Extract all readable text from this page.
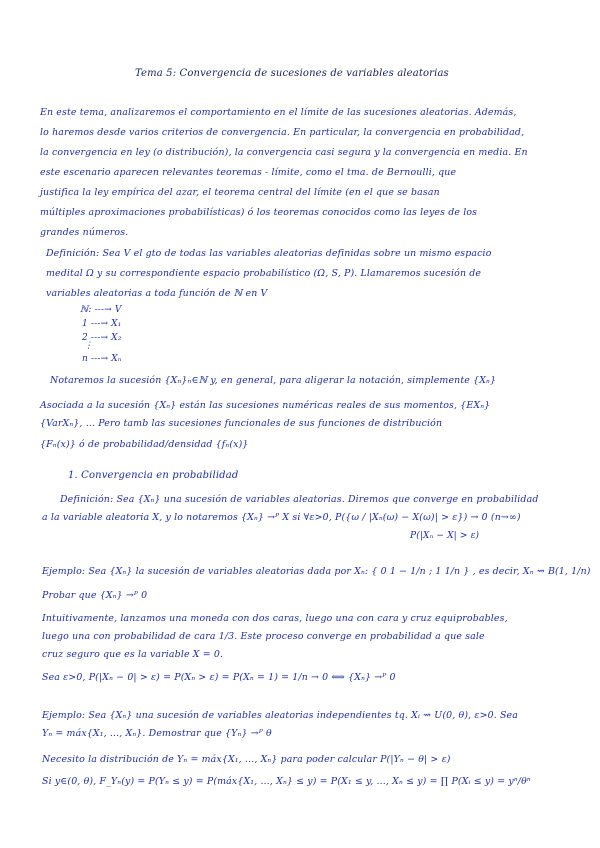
Tema 5: Convergencia de sucesiones de variables aleatorias
En este tema, analizaremos el comportamiento en el límite de las sucesiones aleatorias. Además,
lo haremos desde varios criterios de convergencia. En particular, la convergencia en probabilidad,
la convergencia en ley (o distribución), la convergencia casi segura y la convergencia en media. En
este escenario aparecen relevantes teoremas - límite, como el tma. de Bernoulli, que
justifica la ley empírica del azar, el teorema central del límite (en el que se basan
múltiples aproximaciones probabilísticas) ó los teoremas conocidos como las leyes de los
grandes números.
Definición: Sea V el gto de todas las variables aleatorias definidas sobre un mismo espacio
medital Ω y su correspondiente espacio probabilístico (Ω, S, P). Llamaremos sucesión de
variables aleatorias a toda función de ℕ en V
ℕ: ---→ V
1 ---→ X₁
2 ---→ X₂
⋮
n ---→ Xₙ
Notaremos la sucesión {Xₙ}ₙ∈ℕ y, en general, para aligerar la notación, simplemente {Xₙ}
Asociada a la sucesión {Xₙ} están las sucesiones numéricas reales de sus momentos, {EXₙ}
{VarXₙ}, ... Pero tamb las sucesiones funcionales de sus funciones de distribución
{Fₙ(x)} ó de probabilidad/densidad {fₙ(x)}
1. Convergencia en probabilidad
Definición: Sea {Xₙ} una sucesión de variables aleatorias. Diremos que converge en probabilidad
a la variable aleatoria X, y lo notaremos {Xₙ} →ᴾ X si ∀ε>0, P({ω / |Xₙ(ω) − X(ω)| > ε}) → 0 (n→∞)
P(|Xₙ − X| > ε)
Ejemplo: Sea {Xₙ} la sucesión de variables aleatorias dada por Xₙ: { 0 1 − 1/n ; 1 1/n } , es decir, Xₙ ⇝ B(1, 1/n)
Probar que {Xₙ} →ᴾ 0
Intuitivamente, lanzamos una moneda con dos caras, luego una con cara y cruz equiprobables,
luego una con probabilidad de cara 1/3. Este proceso converge en probabilidad a que sale
cruz seguro que es la variable X = 0.
Sea ε>0, P(|Xₙ − 0| > ε) = P(Xₙ > ε) = P(Xₙ = 1) = 1/n → 0 ⟺ {Xₙ} →ᴾ 0
Ejemplo: Sea {Xₙ} una sucesión de variables aleatorias independientes tq. Xᵢ ⇝ U(0, θ), ε>0. Sea
Yₙ = máx{X₁, ..., Xₙ}. Demostrar que {Yₙ} →ᴾ θ
Necesito la distribución de Yₙ = máx{X₁, ..., Xₙ} para poder calcular P(|Yₙ − θ| > ε)
Si y∈(0, θ), F_Yₙ(y) = P(Yₙ ≤ y) = P(máx{X₁, ..., Xₙ} ≤ y) = P(X₁ ≤ y, ..., Xₙ ≤ y) = ∏ P(Xᵢ ≤ y) = yⁿ/θⁿ
